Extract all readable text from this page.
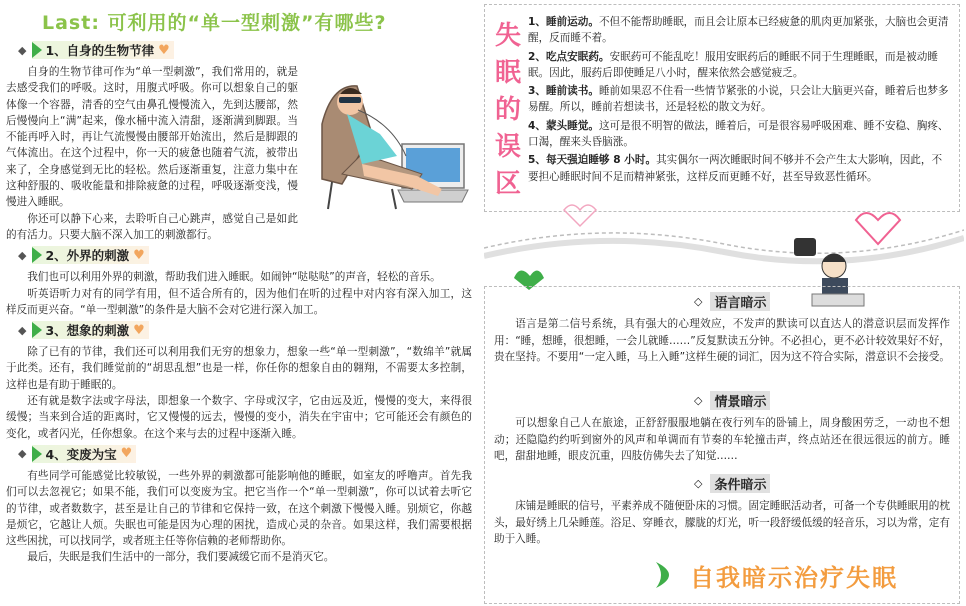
Last: 可利用的“单一型刺激”有哪些?
◆ 1、自身的生物节律 ♥

自身的生物节律可作为“单一型刺激”，我们常用的，就是去感受我们的呼吸。这时，用腹式呼吸。你可以想象自己的躯体像一个容器，清香的空气由鼻孔慢慢流入，先到达腰部，然后慢慢向上“满”起来，像水桶中流入清甜，逐渐满到脚跟。当不能再呼入时，再让气流慢慢由腰部开始流出，然后是脚跟的气体流出。在这个过程中，你一天的疲惫也随着气流，被带出来了，全身感觉到无比的轻松。然后逐渐重复，注意力集中在这种舒服的、吸收能量和排除疲惫的过程，呼吸逐渐变浅，慢慢进入睡眠。

你还可以静下心来，去聆听自己心跳声，感觉自己是如此的有活力。只要大脑不深入加工的刺激都行。

◆ 2、外界的刺激 ♥

我们也可以利用外界的刺激，帮助我们进入睡眠。如闹钟“哒哒哒”的声音，轻松的音乐。

听英语听力对有的同学有用，但不适合所有的，因为他们在听的过程中对内容有深入加工，这样反而更兴奋。“单一型刺激”的条件是大脑不会对它进行深入加工。

◆ 3、想象的刺激 ♥

除了已有的节律，我们还可以利用我们无穷的想象力，想象一些“单一型刺激”，“数绵羊”就属于此类。还有，我们睡觉前的“胡思乱想”也是一样，你任你的想象自由的翱翔，不需要太多控制，这样也是有助于睡眠的。

还有就是数字法或字母法，即想象一个数字、字母或汉字，它由远及近，慢慢的变大，来得很缓慢；当来到合适的距离时，它又慢慢的远去，慢慢的变小，消失在宇宙中；它可能还会有颜色的变化，或者闪光，任你想象。在这个来与去的过程中逐渐入睡。

◆ 4、变废为宝 ♥

有些同学可能感觉比较敏锐，一些外界的刺激都可能影响他的睡眠，如室友的呼噜声。首先我们可以去忽视它；如果不能，我们可以变废为宝。把它当作一个“单一型刺激”，你可以试着去听它的节律，或者数数字，甚至是让自己的节律和它保持一致，在这个刺激下慢慢入睡。别烦它，你越是烦它，它越让人烦。失眠也可能是因为心理的困扰，造成心灵的杂音。如果这样，我们需要根据这些困扰，可以找同学，或者班主任等你信赖的老师帮助你。

最后，失眠是我们生活中的一部分，我们要减缓它而不是消灭它。

失
眠
的
误
区
1、睡前运动。不但不能帮助睡眠，而且会让原本已经疲惫的肌肉更加紧张，大脑也会更清醒，反而睡不着。
2、吃点安眠药。安眠药可不能乱吃！服用安眠药后的睡眠不同于生理睡眠，而是被动睡眠。因此，服药后即使睡足八小时，醒来依然会感觉疲乏。
3、睡前读书。睡前如果忍不住看一些情节紧张的小说，只会让大脑更兴奋，睡着后也梦多易醒。所以，睡前若想读书，还是轻松的散文为好。
4、蒙头睡觉。这可是很不明智的做法，睡着后，可是很容易呼吸困难、睡不安稳、胸疼、口渴，醒来头昏脑涨。
5、每天强迫睡够 8 小时。其实偶尔一两次睡眠时间不够并不会产生太大影响，因此，不要担心睡眠时间不足而精神紧张，这样反而更睡不好，甚至导致恶性循环。
◇ 语言暗示

语言是第二信号系统，具有强大的心理效应，不发声的默读可以直达人的潜意识层而发挥作用：“睡，想睡，很想睡，一会儿就睡……”反复默读五分钟。不必担心，更不必计较效果好不好，贵在坚持。不要用“一定入睡，马上入睡”这样生硬的词汇，因为这不符合实际，潜意识不会接受。

◇ 情景暗示

可以想象自己人在旅途，正舒舒服服地躺在夜行列车的卧铺上，周身酸困劳乏，一动也不想动；还隐隐约约听到窗外的风声和单调而有节奏的车轮撞击声，终点站还在很远很远的前方。睡吧，甜甜地睡，眼皮沉重，四肢仿佛失去了知觉……

◇ 条件暗示

床铺是睡眠的信号，平素养成不随便卧床的习惯。固定睡眠活动者，可备一个专供睡眠用的枕头，最好绣上几朵睡莲。浴足、穿睡衣，朦胧的灯光，听一段舒缓低缓的轻音乐，习以为常，定有助于入睡。

自我暗示治疗失眠
